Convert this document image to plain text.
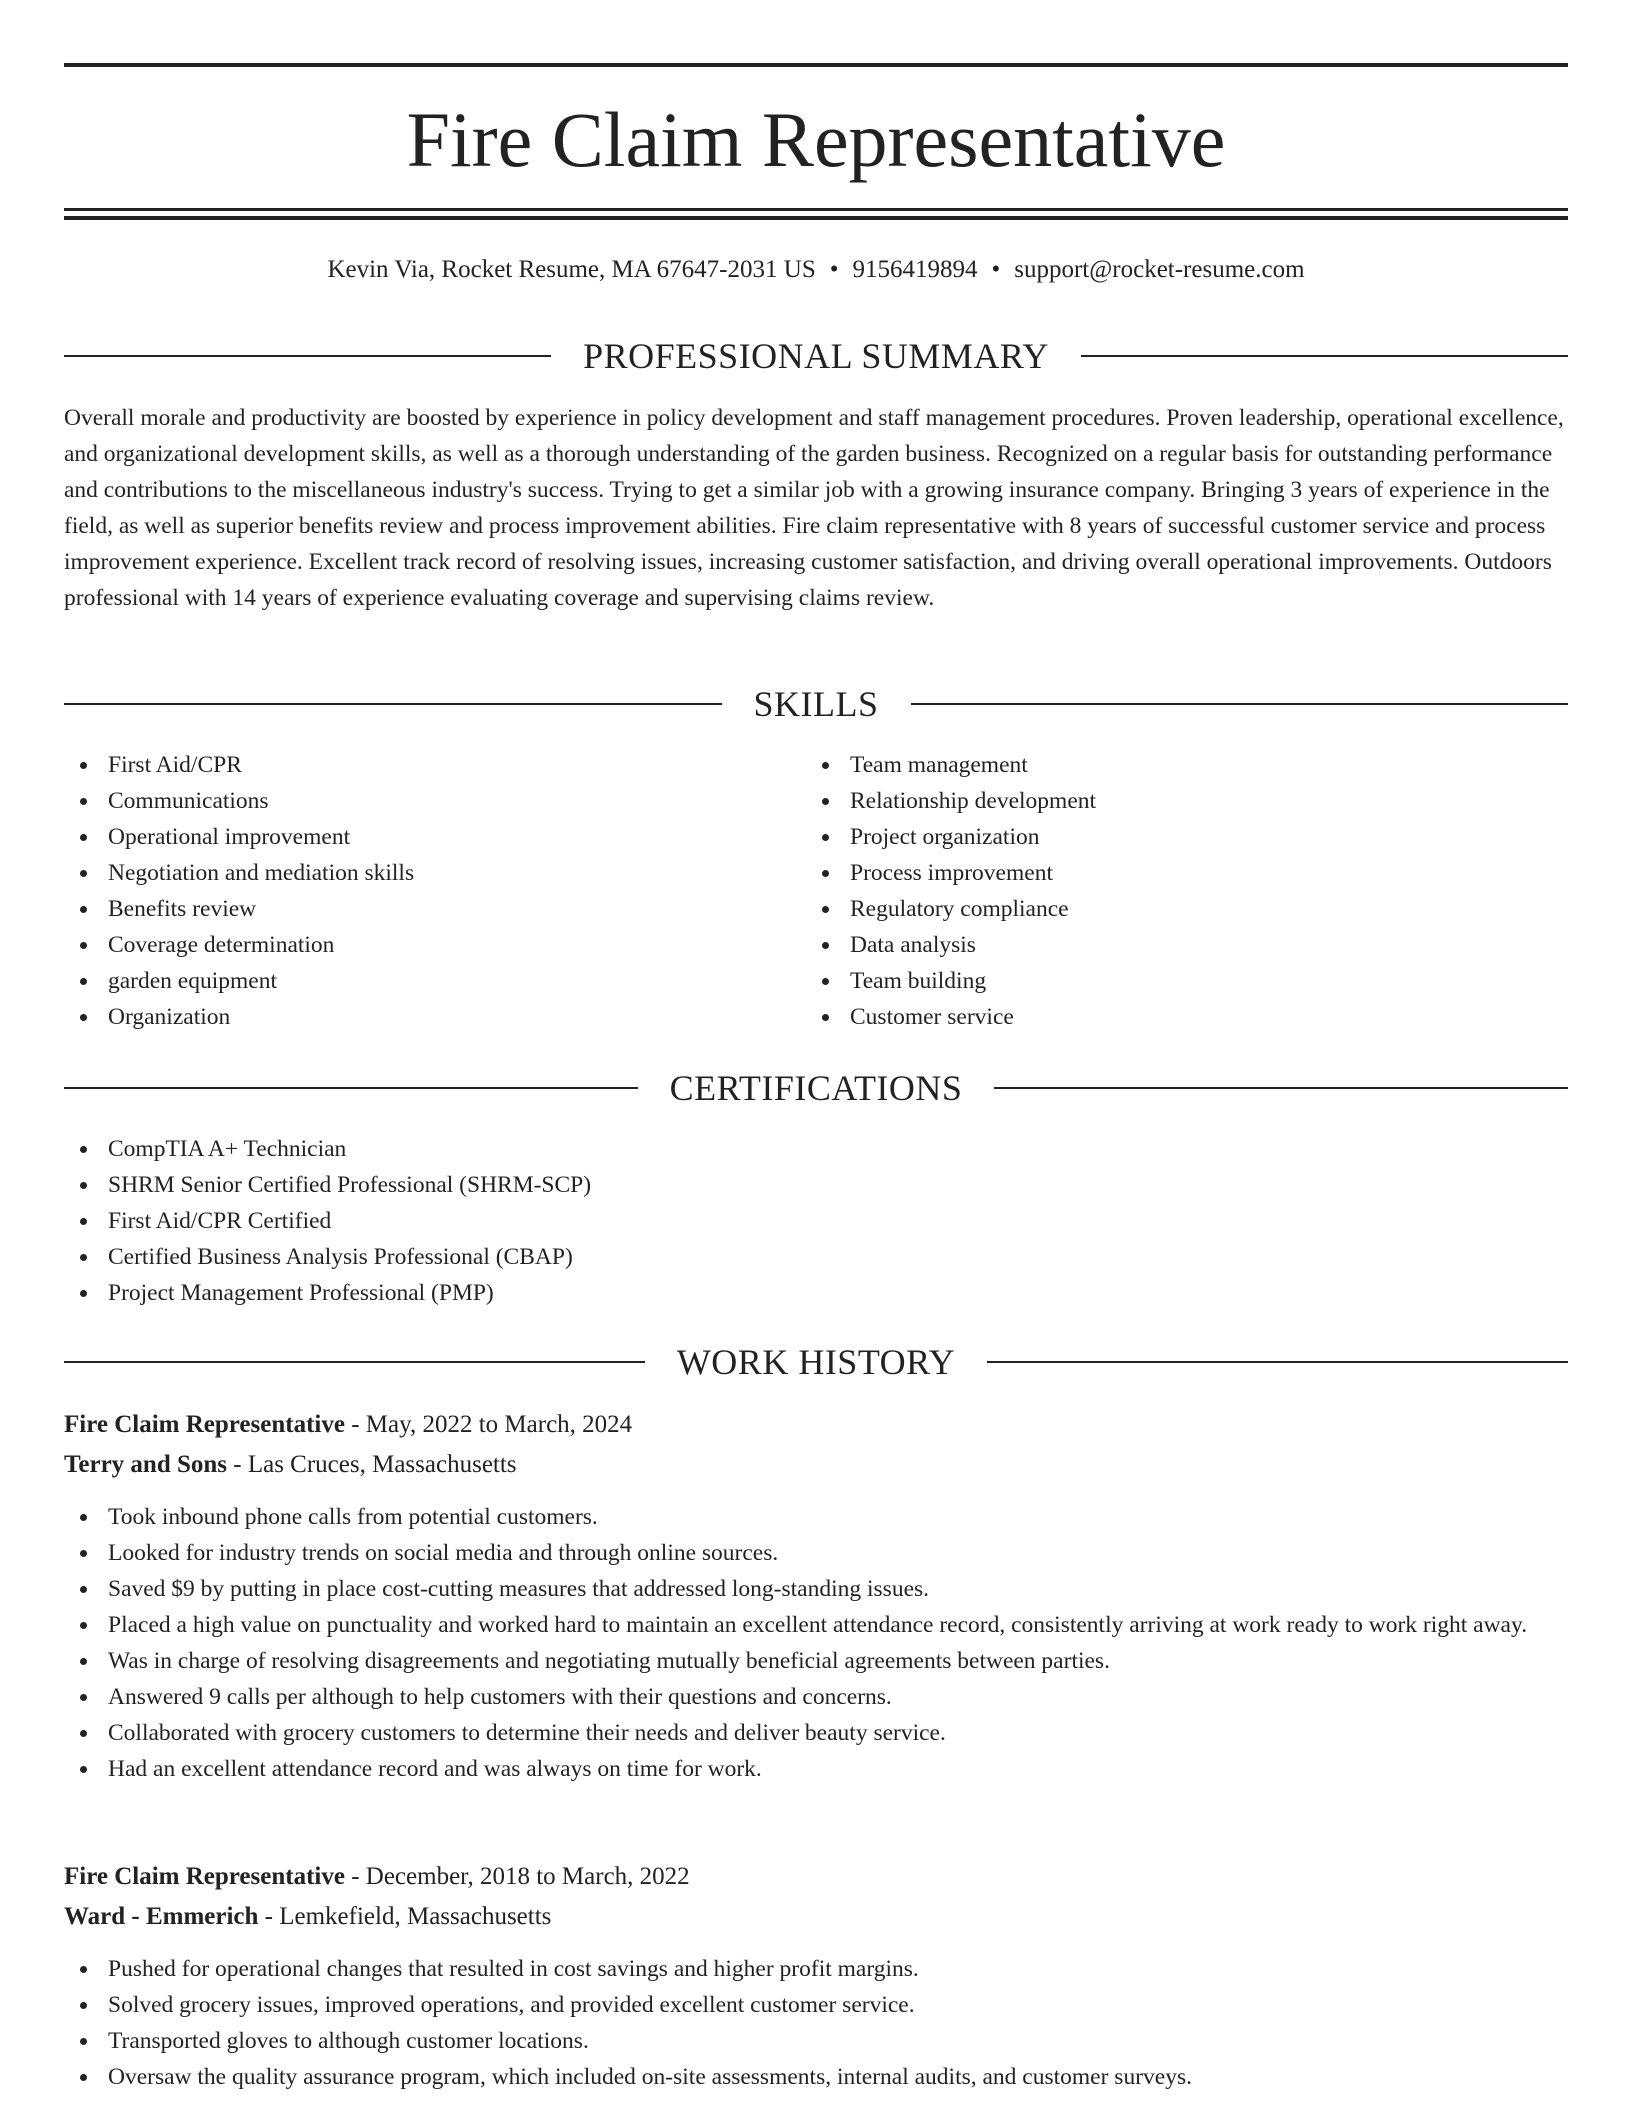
Fire Claim Representative
Kevin Via, Rocket Resume, MA 67647-2031 US • 9156419894 • support@rocket-resume.com
PROFESSIONAL SUMMARY
Overall morale and productivity are boosted by experience in policy development and staff management procedures. Proven leadership, operational excellence, and organizational development skills, as well as a thorough understanding of the garden business. Recognized on a regular basis for outstanding performance and contributions to the miscellaneous industry's success. Trying to get a similar job with a growing insurance company. Bringing 3 years of experience in the field, as well as superior benefits review and process improvement abilities. Fire claim representative with 8 years of successful customer service and process improvement experience. Excellent track record of resolving issues, increasing customer satisfaction, and driving overall operational improvements. Outdoors professional with 14 years of experience evaluating coverage and supervising claims review.
SKILLS
First Aid/CPR
Communications
Operational improvement
Negotiation and mediation skills
Benefits review
Coverage determination
garden equipment
Organization
Team management
Relationship development
Project organization
Process improvement
Regulatory compliance
Data analysis
Team building
Customer service
CERTIFICATIONS
CompTIA A+ Technician
SHRM Senior Certified Professional (SHRM-SCP)
First Aid/CPR Certified
Certified Business Analysis Professional (CBAP)
Project Management Professional (PMP)
WORK HISTORY
Fire Claim Representative - May, 2022 to March, 2024
Terry and Sons - Las Cruces, Massachusetts
Took inbound phone calls from potential customers.
Looked for industry trends on social media and through online sources.
Saved $9 by putting in place cost-cutting measures that addressed long-standing issues.
Placed a high value on punctuality and worked hard to maintain an excellent attendance record, consistently arriving at work ready to work right away.
Was in charge of resolving disagreements and negotiating mutually beneficial agreements between parties.
Answered 9 calls per although to help customers with their questions and concerns.
Collaborated with grocery customers to determine their needs and deliver beauty service.
Had an excellent attendance record and was always on time for work.
Fire Claim Representative - December, 2018 to March, 2022
Ward - Emmerich - Lemkefield, Massachusetts
Pushed for operational changes that resulted in cost savings and higher profit margins.
Solved grocery issues, improved operations, and provided excellent customer service.
Transported gloves to although customer locations.
Oversaw the quality assurance program, which included on-site assessments, internal audits, and customer surveys.
